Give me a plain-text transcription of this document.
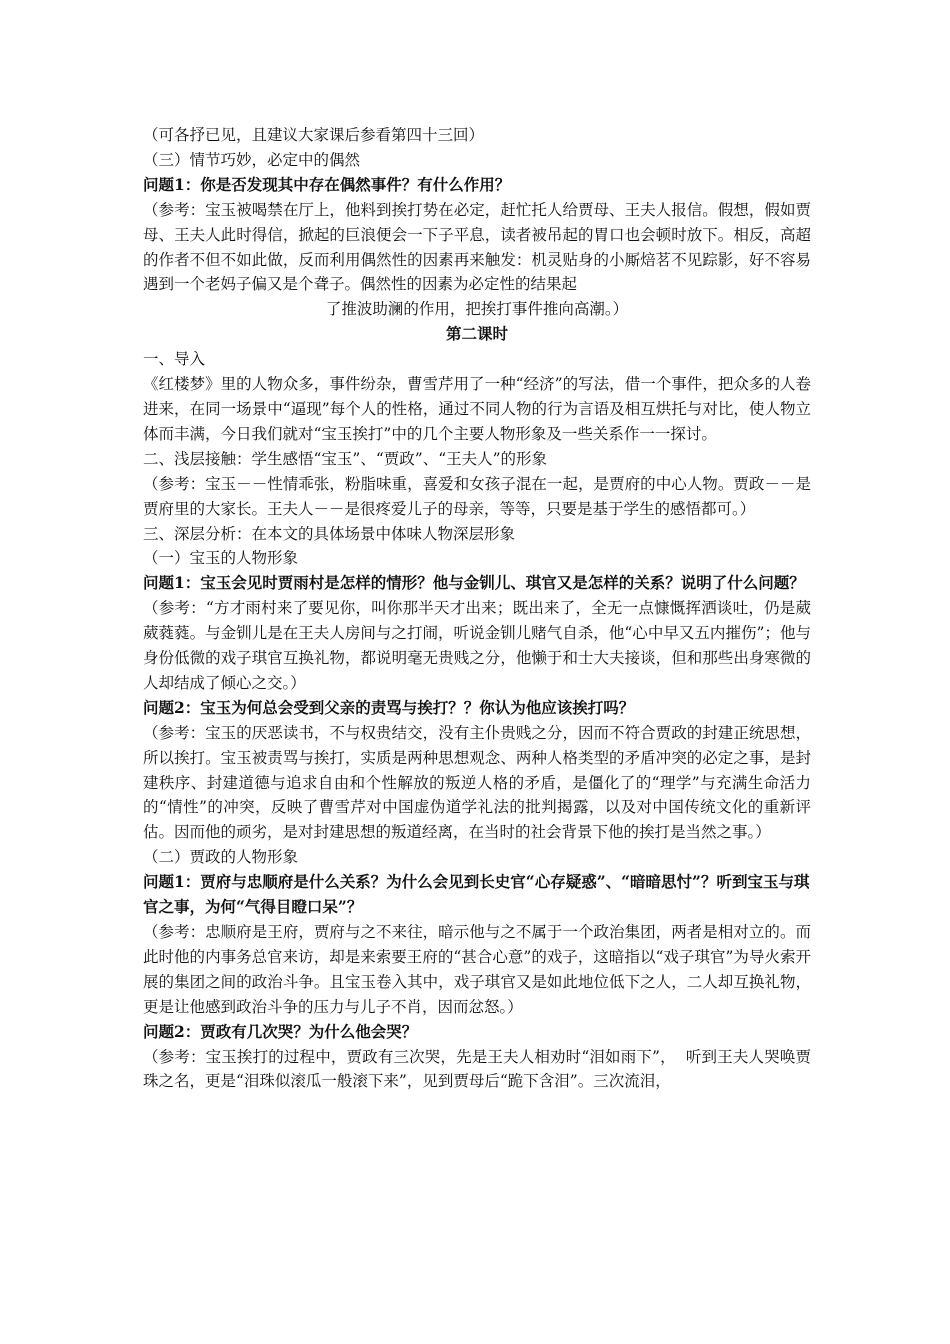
（可各抒已见，且建议大家课后参看第四十三回）
（三）情节巧妙，必定中的偶然
问题1：你是否发现其中存在偶然事件？有什么作用？
（参考：宝玉被喝禁在厅上，他料到挨打势在必定，赶忙托人给贾母、王夫人报信。假想，假如贾母、王夫人此时得信，掀起的巨浪便会一下子平息，读者被吊起的胃口也会顿时放下。相反，高超的作者不但不如此做，反而利用偶然性的因素再来触发：机灵贴身的小厮焙茗不见踪影，好不容易遇到一个老妈子偏又是个聋子。偶然性的因素为必定性的结果起
了推波助澜的作用，把挨打事件推向高潮。）
第二课时
一、导入
《红楼梦》里的人物众多，事件纷杂，曹雪芹用了一种“经济”的写法，借一个事件，把众多的人卷进来，在同一场景中“逼现”每个人的性格，通过不同人物的行为言语及相互烘托与对比，使人物立体而丰满，今日我们就对“宝玉挨打”中的几个主要人物形象及一些关系作一一探讨。
二、浅层接触：学生感悟“宝玉”、“贾政”、“王夫人”的形象
（参考：宝玉－－性情乖张，粉脂味重，喜爱和女孩子混在一起，是贾府的中心人物。贾政－－是贾府里的大家长。王夫人－－是很疼爱儿子的母亲，等等，只要是基于学生的感悟都可。）
三、深层分析：在本文的具体场景中体味人物深层形象
（一）宝玉的人物形象
问题1：宝玉会见时贾雨村是怎样的情形？他与金钏儿、琪官又是怎样的关系？说明了什么问题？
（参考：“方才雨村来了要见你，叫你那半天才出来；既出来了，全无一点慷慨挥洒谈吐，仍是葳葳蕤蕤。与金钏儿是在王夫人房间与之打闹，听说金钏儿赌气自杀，他“心中早又五内摧伤”；他与身份低微的戏子琪官互换礼物，都说明毫无贵贱之分，他懒于和士大夫接谈，但和那些出身寒微的人却结成了倾心之交。）
问题2：宝玉为何总会受到父亲的责骂与挨打？？你认为他应该挨打吗？
（参考：宝玉的厌恶读书，不与权贵结交，没有主仆贵贱之分，因而不符合贾政的封建正统思想，所以挨打。宝玉被责骂与挨打，实质是两种思想观念、两种人格类型的矛盾冲突的必定之事，是封建秩序、封建道德与追求自由和个性解放的叛逆人格的矛盾，是僵化了的“理学”与充满生命活力的“情性”的冲突，反映了曹雪芹对中国虚伪道学礼法的批判揭露，以及对中国传统文化的重新评估。因而他的顽劣，是对封建思想的叛道经离，在当时的社会背景下他的挨打是当然之事。）
（二）贾政的人物形象
问题1：贾府与忠顺府是什么关系？为什么会见到长史官“心存疑惑”、“暗暗思忖”？听到宝玉与琪官之事，为何“气得目瞪口呆”？
（参考：忠顺府是王府，贾府与之不来往，暗示他与之不属于一个政治集团，两者是相对立的。而此时他的内事务总官来访，却是来索要王府的“甚合心意”的戏子，这暗指以“戏子琪官”为导火索开展的集团之间的政治斗争。且宝玉卷入其中，戏子琪官又是如此地位低下之人，二人却互换礼物，更是让他感到政治斗争的压力与儿子不肖，因而忿怒。）
问题2：贾政有几次哭？为什么他会哭？
（参考：宝玉挨打的过程中，贾政有三次哭，先是王夫人相劝时“泪如雨下”，  听到王夫人哭唤贾珠之名，更是“泪珠似滚瓜一般滚下来”，见到贾母后“跪下含泪”。三次流泪，
